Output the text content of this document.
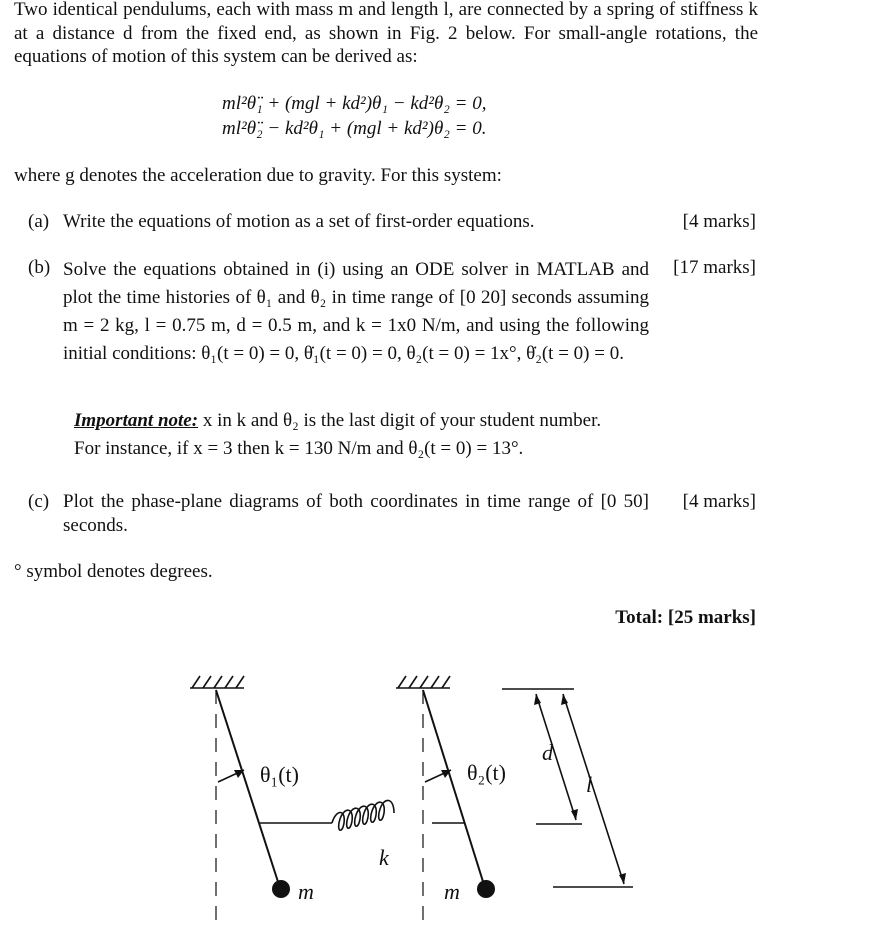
Two identical pendulums, each with mass m and length l, are connected by a spring of stiffness k at a distance d from the fixed end, as shown in Fig. 2 below. For small-angle rotations, the equations of motion of this system can be derived as:
ml²θ̈₁ + (mgl + kd²)θ₁ − kd²θ₂ = 0,
ml²θ̈₂ − kd²θ₁ + (mgl + kd²)θ₂ = 0.
where g denotes the acceleration due to gravity. For this system:
(a) Write the equations of motion as a set of first-order equations.	[4 marks]
(b) Solve the equations obtained in (i) using an ODE solver in MATLAB and plot the time histories of θ₁ and θ₂ in time range of [0 20] seconds assuming m = 2 kg, l = 0.75 m, d = 0.5 m, and k = 1x0 N/m, and using the following initial conditions: θ₁(t = 0) = 0, θ̇₁(t = 0) = 0, θ₂(t = 0) = 1x°, θ̇₂(t = 0) = 0.
[17 marks]
Important note: x in k and θ₂ is the last digit of your student number.
For instance, if x = 3 then k = 130 N/m and θ₂(t = 0) = 13°.
(c) Plot the phase-plane diagrams of both coordinates in time range of [0 50] seconds.
[4 marks]
° symbol denotes degrees.
Total: [25 marks]
θ₁(t)	θ₂(t)
k
m	m
d
l
